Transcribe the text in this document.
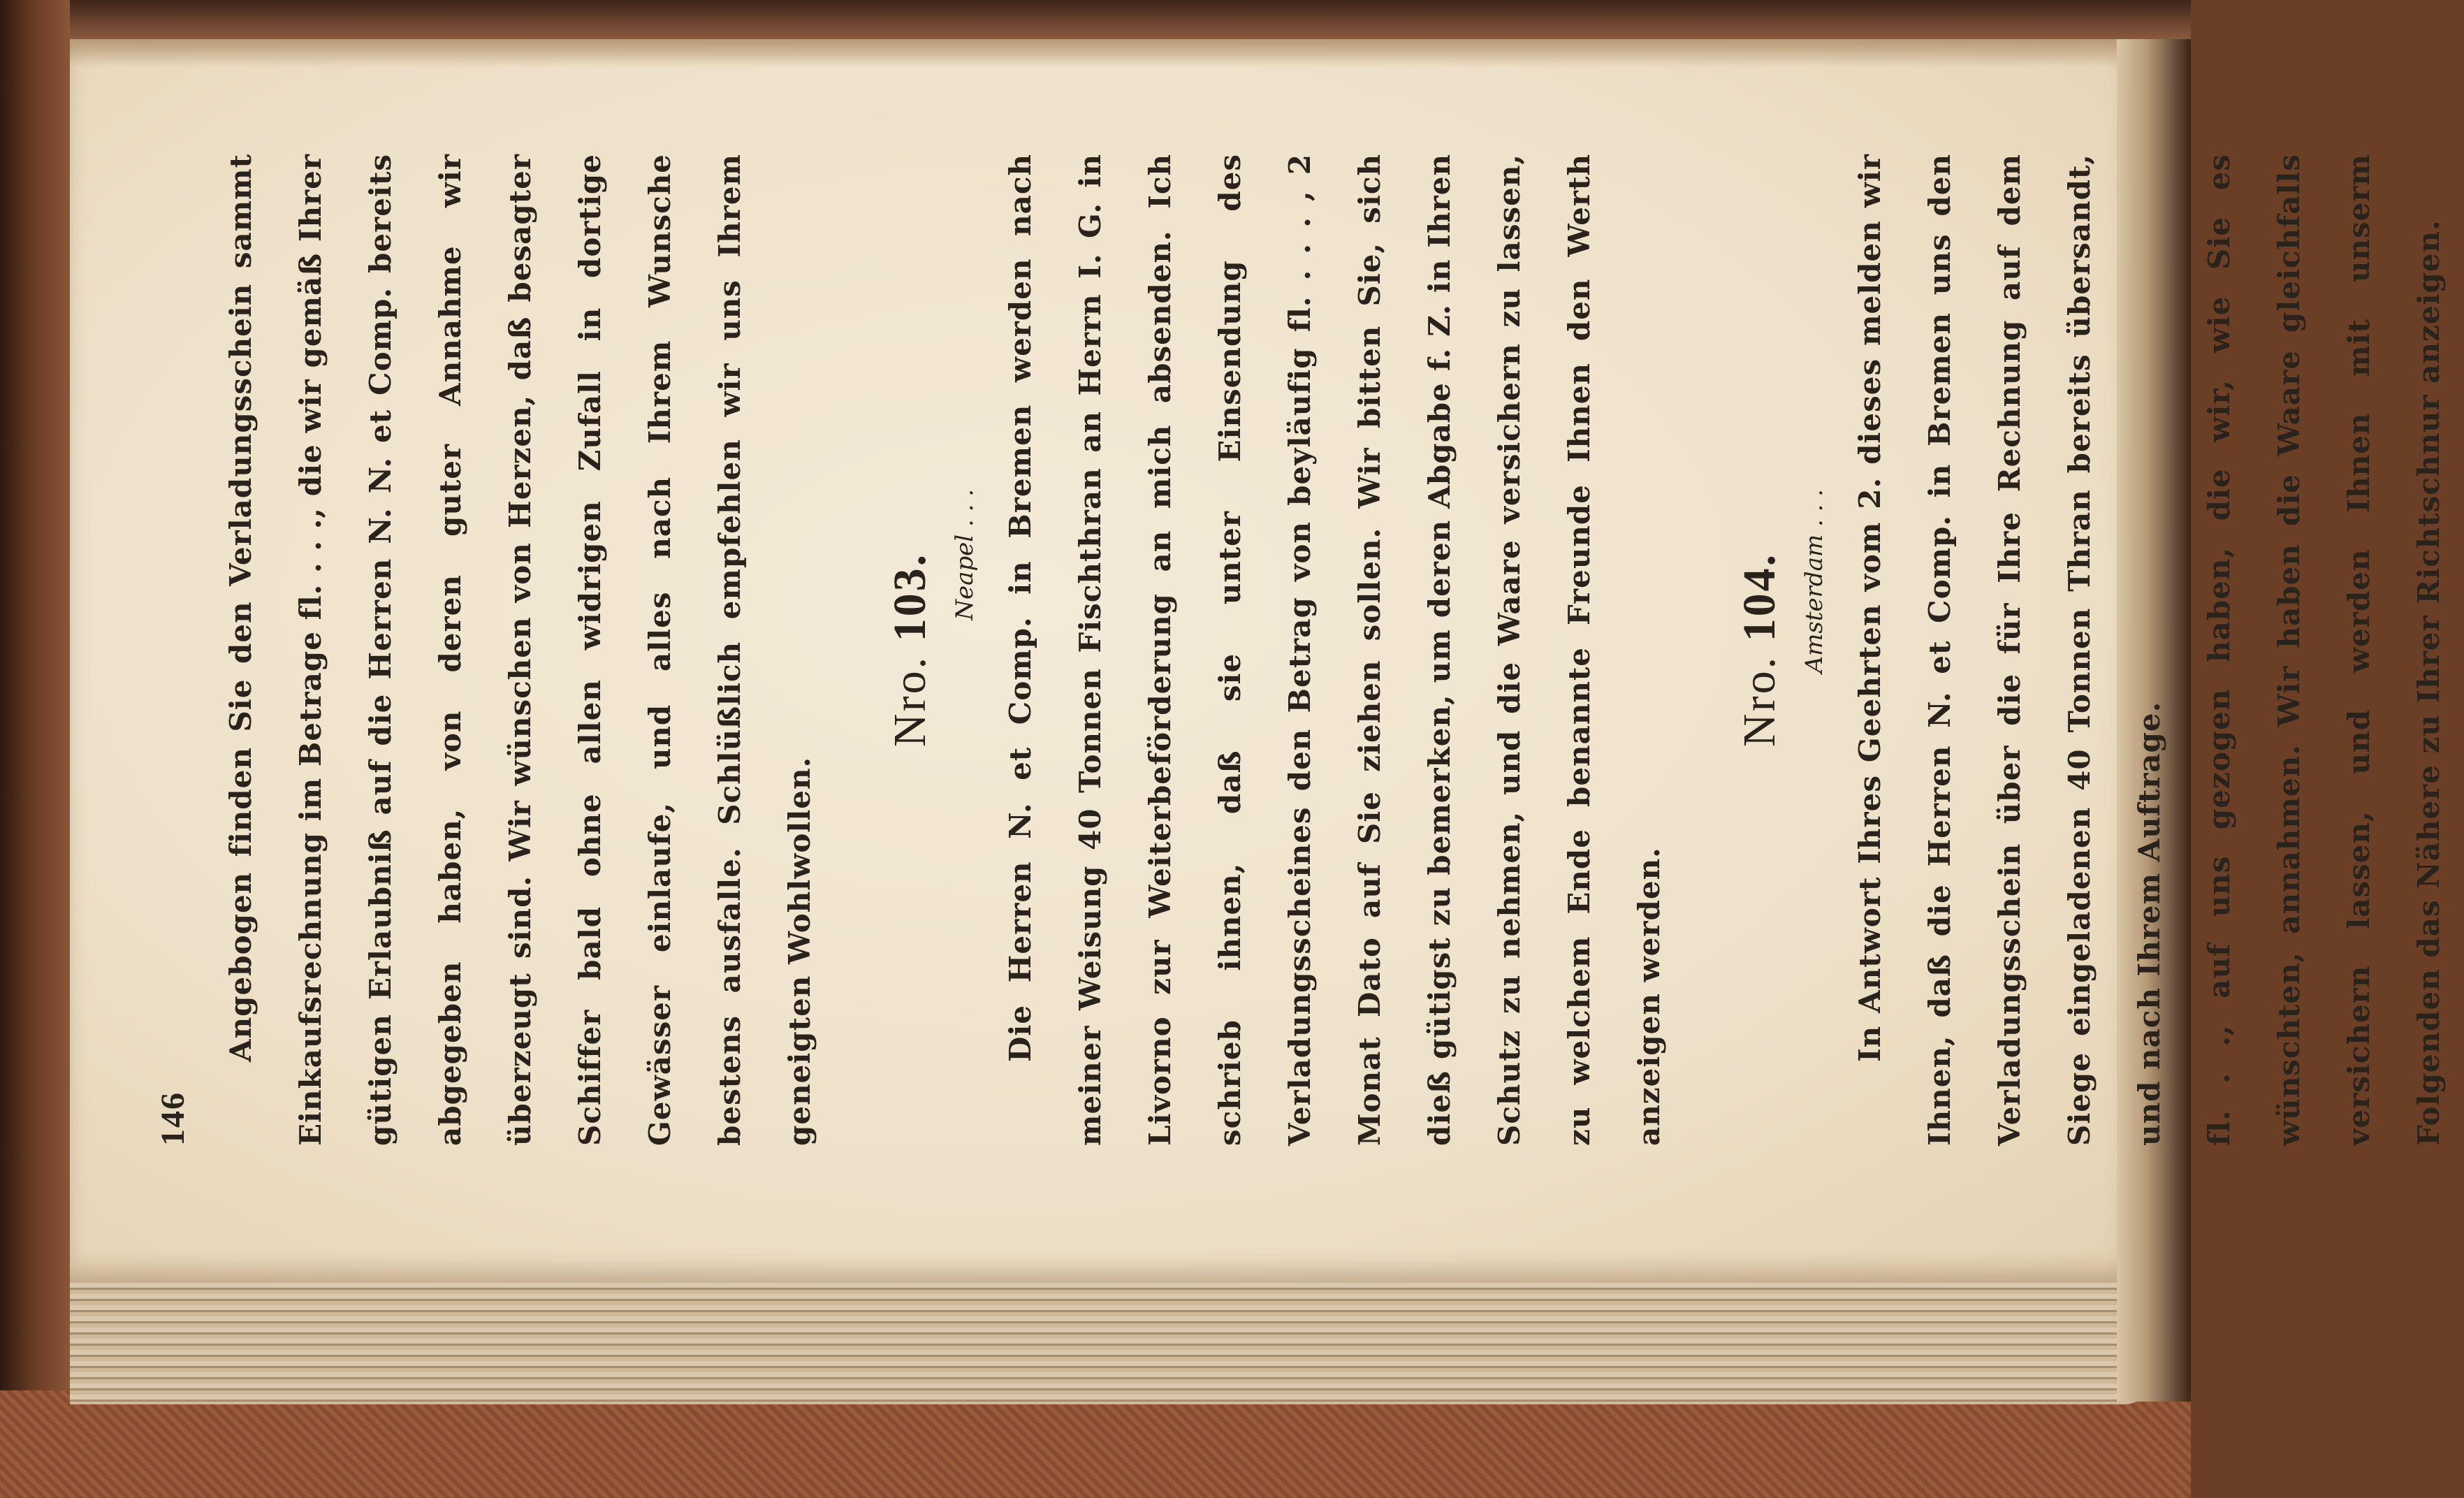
146

Angebogen finden Sie den Verladungsschein sammt Einkaufsrechnung im Betrage fl. . . ., die wir gemäß Ihrer gütigen Erlaubniß auf die Herren N. N. et Comp. bereits abgegeben haben, von deren guter Annahme wir überzeugt sind. Wir wünschen von Herzen, daß besagter Schiffer bald ohne allen widrigen Zufall in dortige Gewässer einlaufe, und alles nach Ihrem Wunsche bestens ausfalle. Schlüßlich empfehlen wir uns Ihrem geneigten Wohlwollen.

Nro. 103. Neapel . . . Die Herren N. et Comp. in Bremen werden nach meiner Weisung 40 Tonnen Fischthran an Herrn I. G. in Livorno zur Weiterbeförderung an mich absenden. Ich schrieb ihnen, daß sie unter Einsendung des Verladungsscheines den Betrag von beyläufig fl. . . . , 2 Monat Dato auf Sie ziehen sollen. Wir bitten Sie, sich dieß gütigst zu bemerken, um deren Abgabe f. Z. in Ihren Schutz zu nehmen, und die Waare versichern zu lassen, zu welchem Ende benannte Freunde Ihnen den Werth anzeigen werden.

Nro. 104. Amsterdam . . . In Antwort Ihres Geehrten vom 2. dieses melden wir Ihnen, daß die Herren N. et Comp. in Bremen uns den Verladungsschein über die für Ihre Rechnung auf dem Siege eingeladenen 40 Tonnen Thran bereits übersandt, und nach Ihrem Auftrage.	fl. . ., auf uns gezogen haben, die wir, wie Sie es wünschten, annahmen. Wir haben die Waare gleichfalls versichern lassen, und werden Ihnen mit unserm Folgenden das Nähere zu Ihrer Richtschnur anzeigen.
